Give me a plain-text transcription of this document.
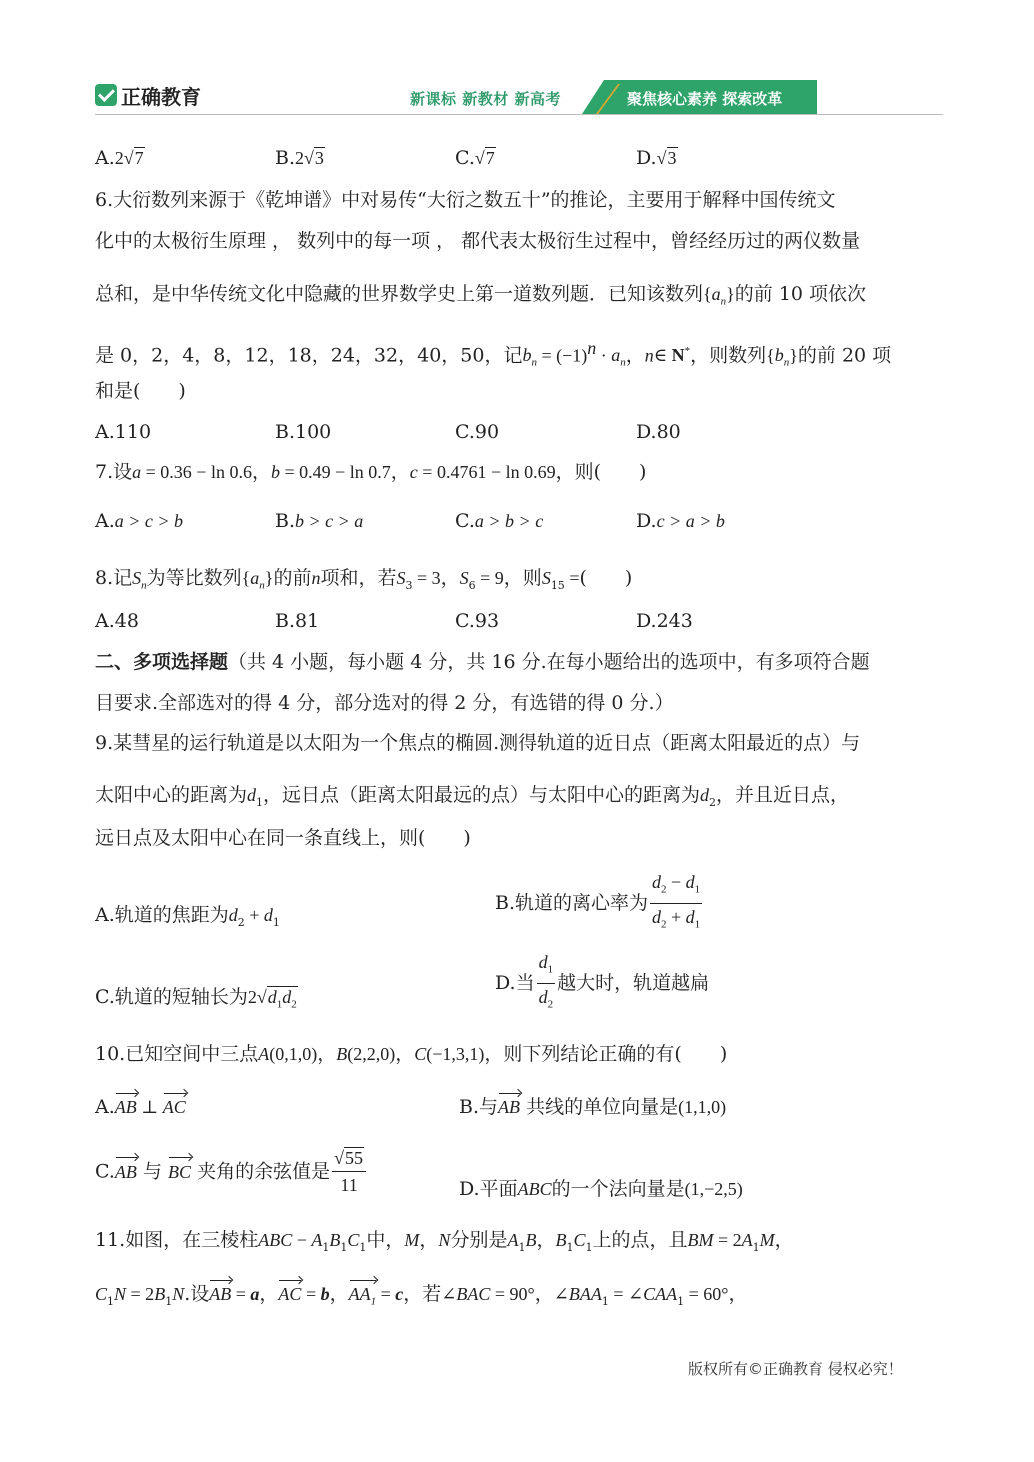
正确教育	新课标 新教材 新高考	聚焦核心素养 探索改革
A.2√7	B.2√3	C.√7	D.√3
6.大衍数列来源于《乾坤谱》中对易传“大衍之数五十”的推论，主要用于解释中国传统文
化中的太极衍生原理 ， 数列中的每一项 ， 都代表太极衍生过程中，曾经经历过的两仪数量
总和，是中华传统文化中隐藏的世界数学史上第一道数列题．已知该数列$\{a_n\}$的前 10 项依次
是 0，2，4，8，12，18，24，32，40，50，记$b_n = (-1)^n \cdot a_n$，n∈ N*，则数列$\{b_n\}$的前 20 项
和是(　　)
A.110	B.100	C.90	D.80
7.设a = 0.36 − ln 0.6，b = 0.49 − ln 0.7，c = 0.4761 − ln 0.69，则(　　)
A.a > c > b	B.b > c > a	C.a > b > c	D.c > a > b
8.记$S_n$为等比数列$\{a_n\}$的前n项和，若$S_3 = 3$，$S_6 = 9$，则$S_{15}$ =(　　)
A.48	B.81	C.93	D.243
二、多项选择题（共 4 小题，每小题 4 分，共 16 分.在每小题给出的选项中，有多项符合题
目要求.全部选对的得 4 分，部分选对的得 2 分，有选错的得 0 分.）
9.某彗星的运行轨道是以太阳为一个焦点的椭圆.测得轨道的近日点（距离太阳最近的点）与
太阳中心的距离为$d_1$，远日点（距离太阳最远的点）与太阳中心的距离为$d_2$，并且近日点，
远日点及太阳中心在同一条直线上，则(　　)
A.轨道的焦距为$d_2 + d_1$
B.轨道的离心率为 $\frac{d_2 - d_1}{d_2 + d_1}$
C.轨道的短轴长为$2√d_1d_2$
D.当 $\frac{d_1}{d_2}$ 越大时，轨道越扁
10.已知空间中三点A(0,1,0)，B(2,2,0)，C(−1,3,1)，则下列结论正确的有(　　)
A.AB ⊥ AC	B.与AB 共线的单位向量是(1,1,0)
C.AB 与 BC 夹角的余弦值是 $\frac{√55}{11}$	D.平面ABC的一个法向量是(1,−2,5)
11.如图，在三棱柱ABC − $A_1B_1C_1$中，M，N分别是$A_1B$，$B_1C_1$上的点，且BM = $2A_1M$，
$C_1N = 2B_1N$.设AB = a，AC = b，$AA_1 = c$，若∠BAC = 90°，$\angle BAA_1$ = $\angle CAA_1 = 60^\circ$，
版权所有©正确教育 侵权必究！
